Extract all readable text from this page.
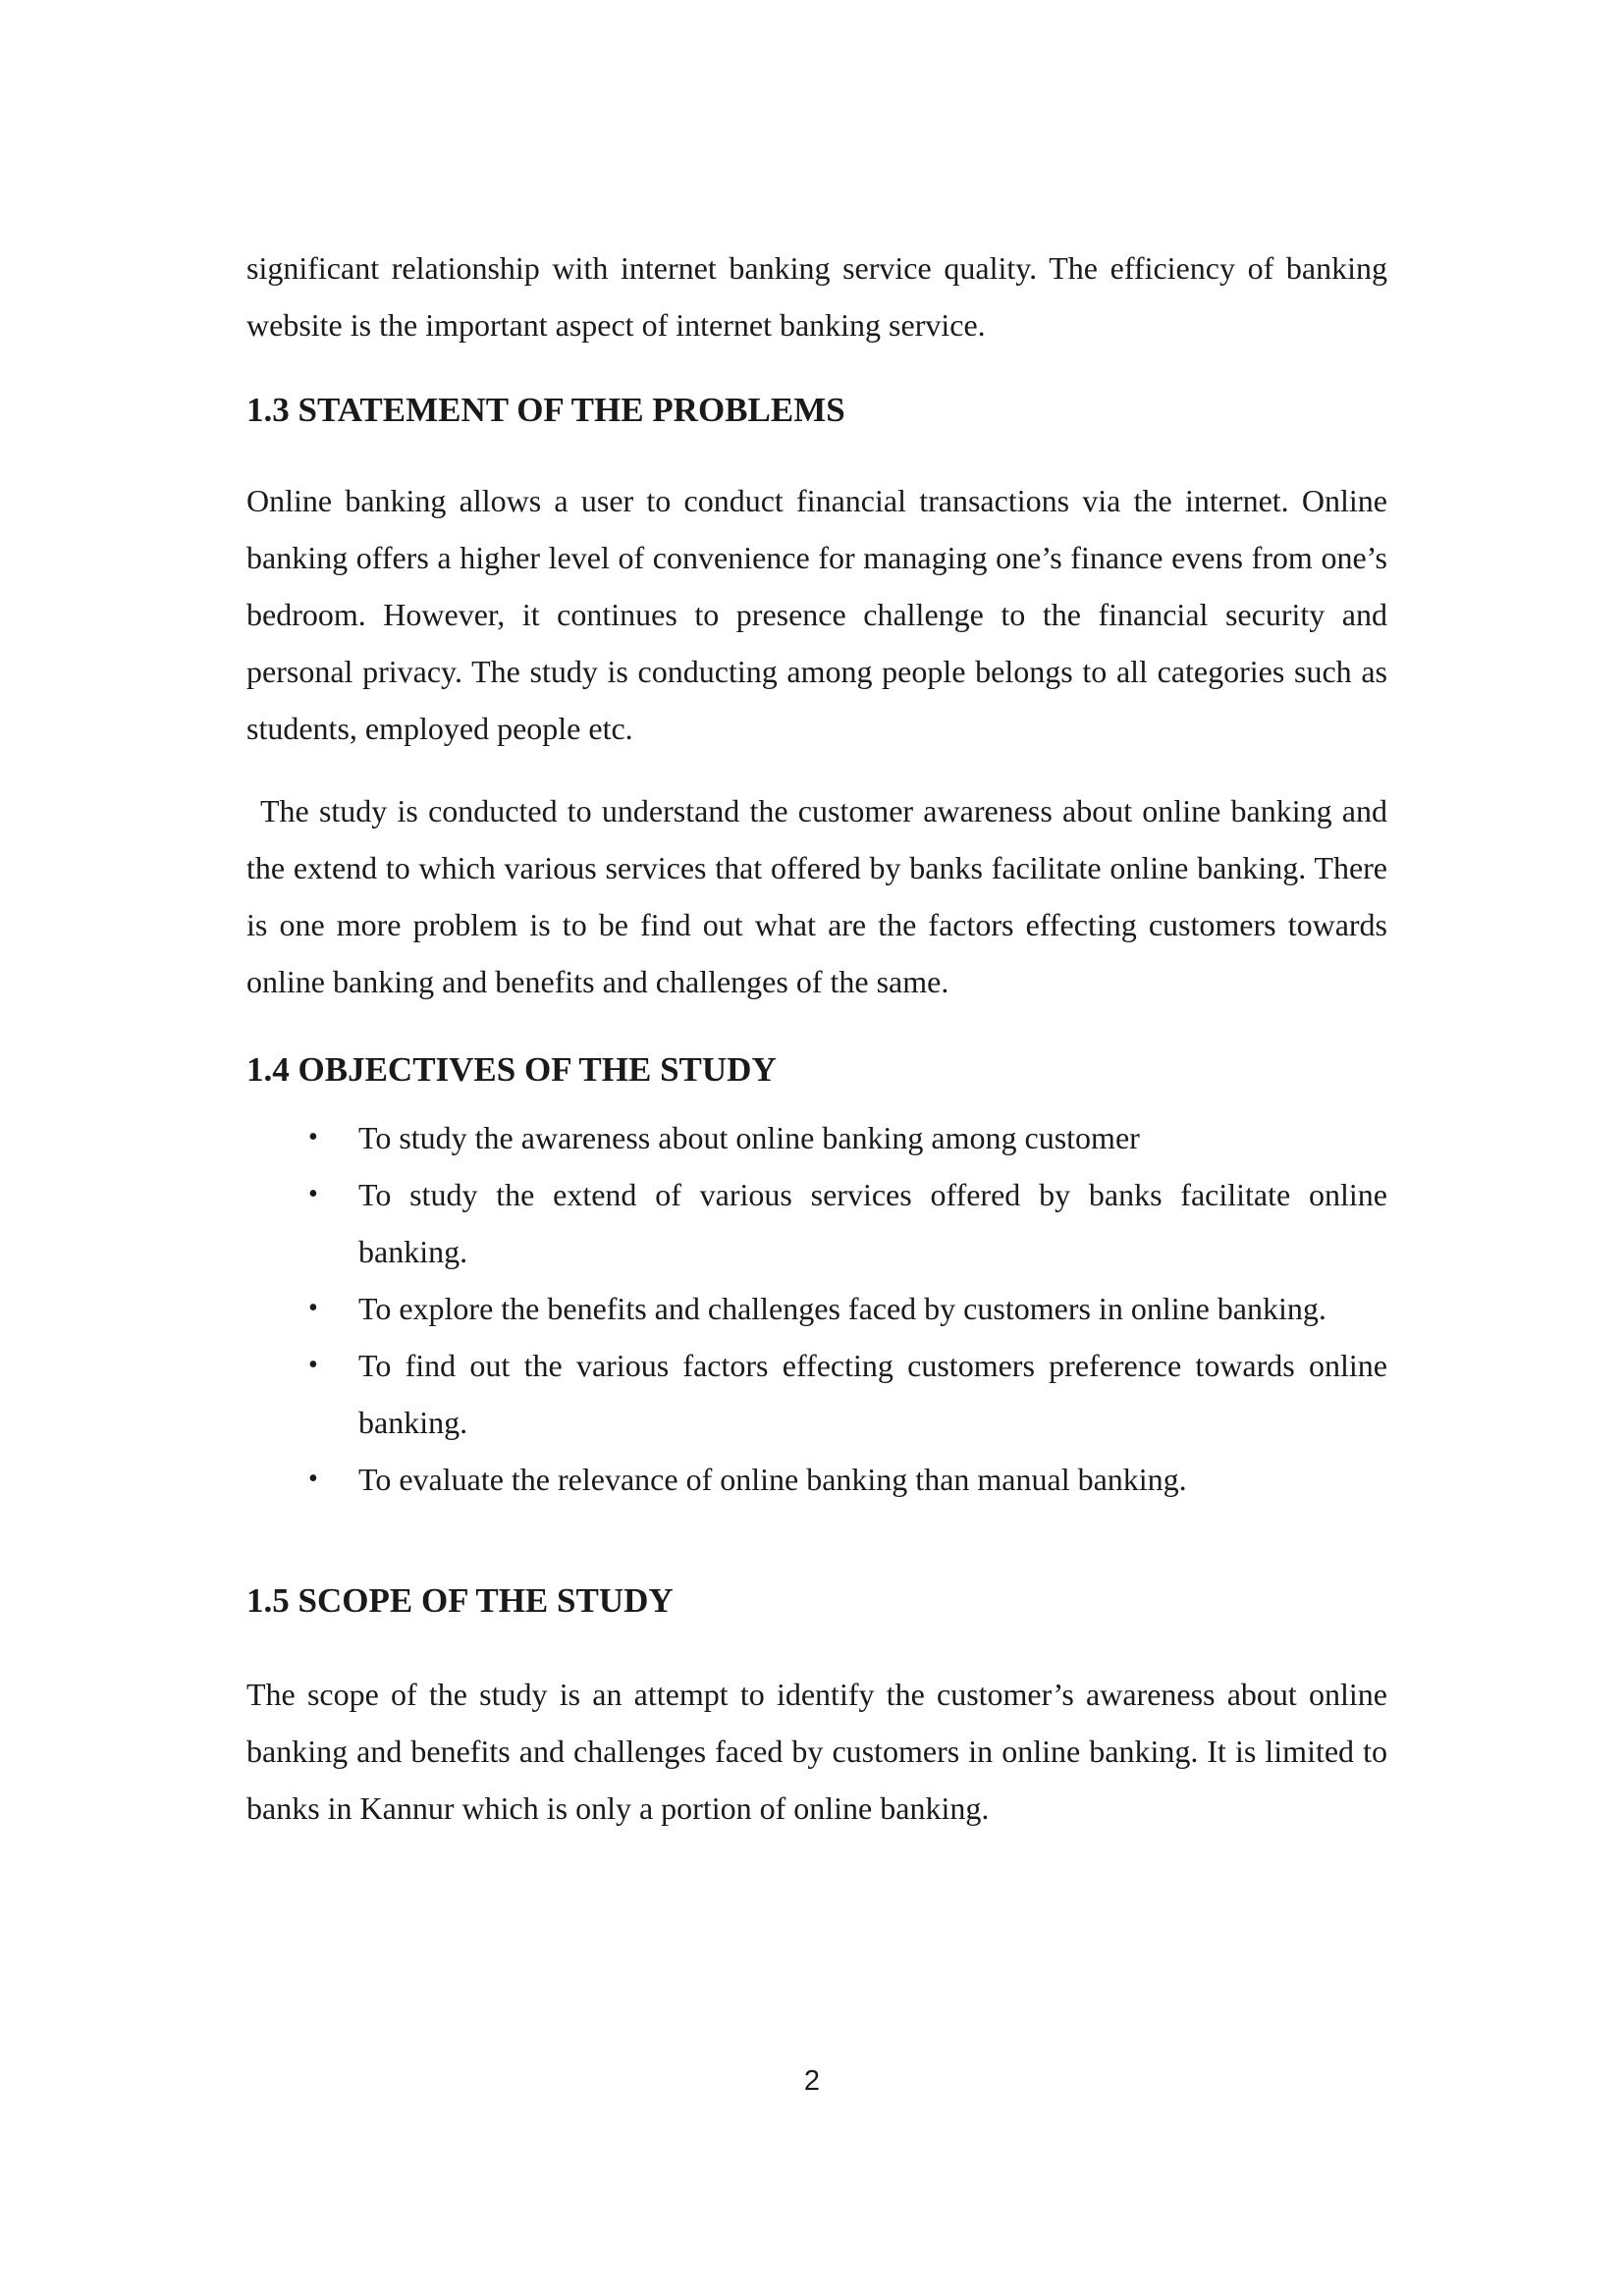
significant relationship with internet banking service quality. The efficiency of banking website is the important aspect of internet banking service.

1.3 STATEMENT OF THE PROBLEMS

Online banking allows a user to conduct financial transactions via the internet. Online banking offers a higher level of convenience for managing one’s finance evens from one’s bedroom. However, it continues to presence challenge to the financial security and personal privacy. The study is conducting among people belongs to all categories such as students, employed people etc.

The study is conducted to understand the customer awareness about online banking and the extend to which various services that offered by banks facilitate online banking. There is one more problem is to be find out what are the factors effecting customers towards online banking and benefits and challenges of the same.

1.4 OBJECTIVES OF THE STUDY
• To study the awareness about online banking among customer
• To study the extend of various services offered by banks facilitate online banking.
• To explore the benefits and challenges faced by customers in online banking.
• To find out the various factors effecting customers preference towards online banking.
• To evaluate the relevance of online banking than manual banking.
1.5 SCOPE OF THE STUDY

The scope of the study is an attempt to identify the customer’s awareness about online banking and benefits and challenges faced by customers in online banking. It is limited to banks in Kannur which is only a portion of online banking.

2
